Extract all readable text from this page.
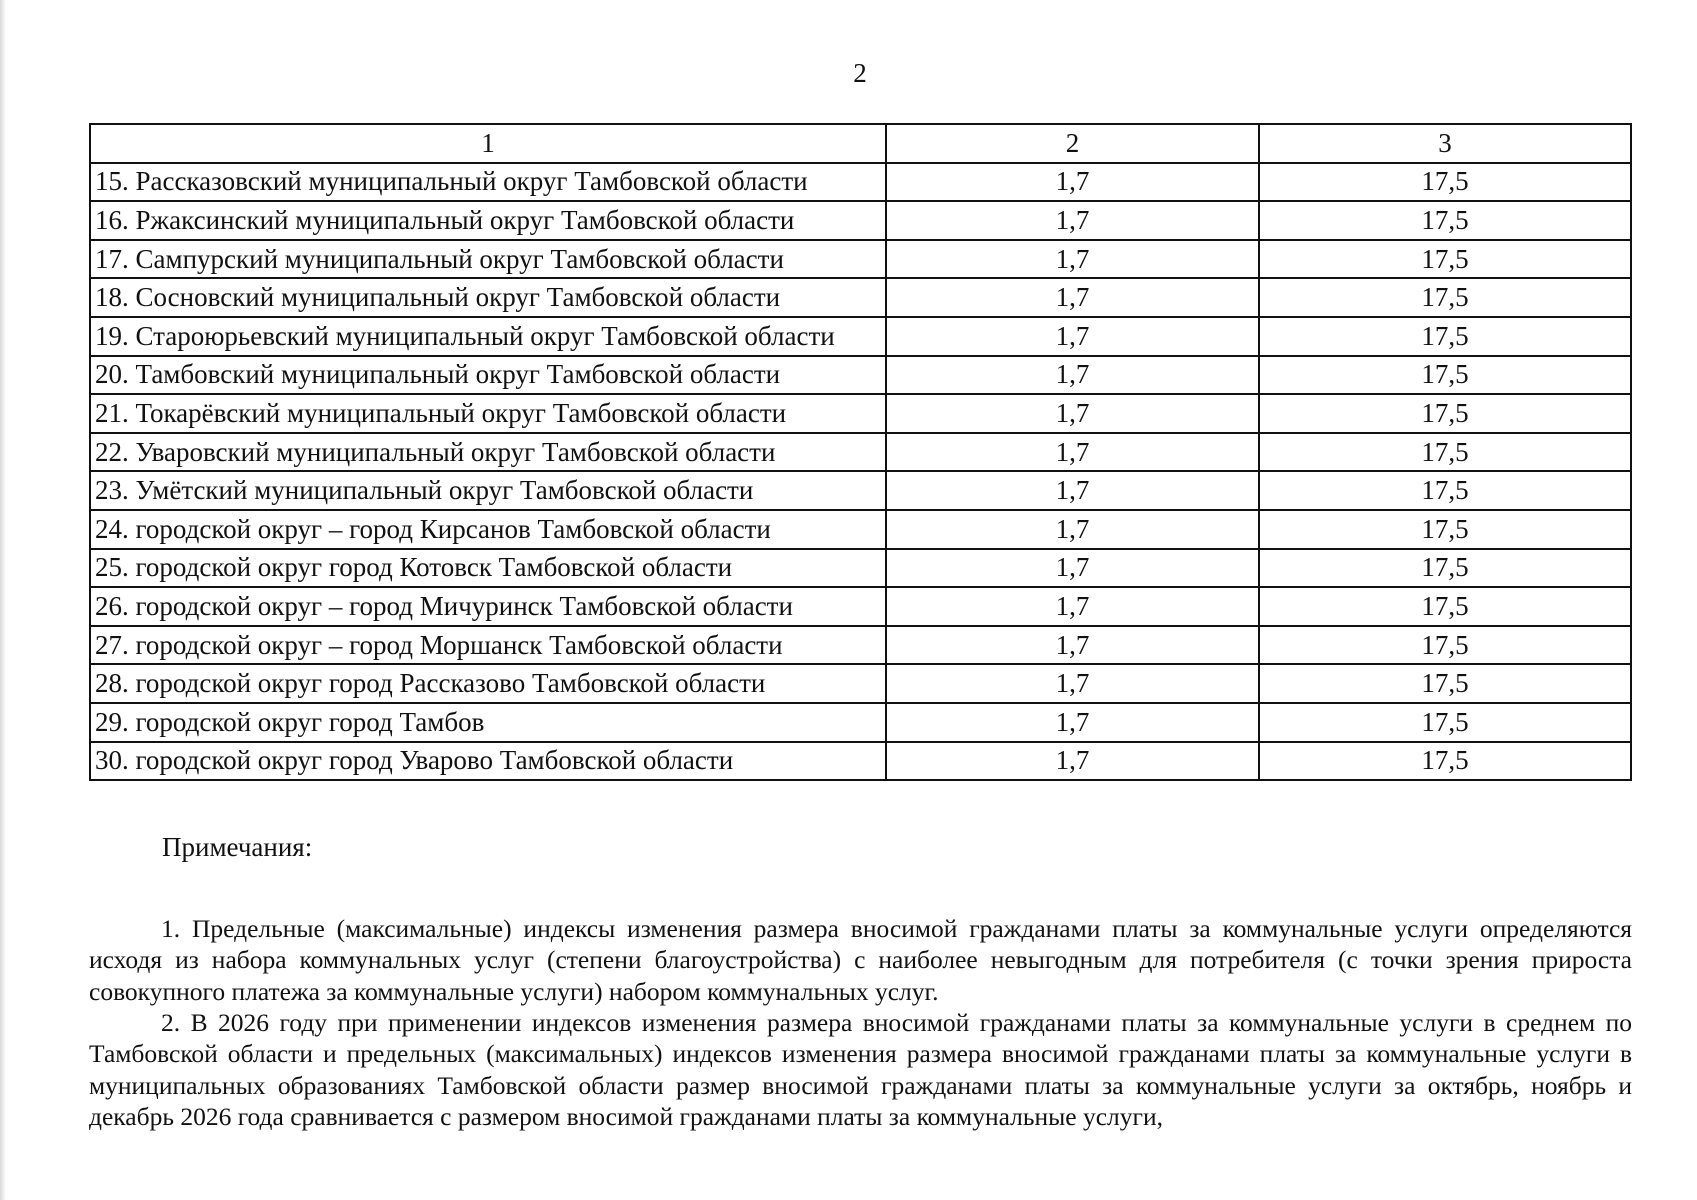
2
1	2	3
15. Рассказовский муниципальный округ Тамбовской области	1,7	17,5
16. Ржаксинский муниципальный округ Тамбовской области	1,7	17,5
17. Сампурский муниципальный округ Тамбовской области	1,7	17,5
18. Сосновский муниципальный округ Тамбовской области	1,7	17,5
19. Староюрьевский муниципальный округ Тамбовской области	1,7	17,5
20. Тамбовский муниципальный округ Тамбовской области	1,7	17,5
21. Токарёвский муниципальный округ Тамбовской области	1,7	17,5
22. Уваровский муниципальный округ Тамбовской области	1,7	17,5
23. Умётский муниципальный округ Тамбовской области	1,7	17,5
24. городской округ – город Кирсанов Тамбовской области	1,7	17,5
25. городской округ город Котовск Тамбовской области	1,7	17,5
26. городской округ – город Мичуринск Тамбовской области	1,7	17,5
27. городской округ – город Моршанск Тамбовской области	1,7	17,5
28. городской округ город Рассказово Тамбовской области	1,7	17,5
29. городской округ город Тамбов	1,7	17,5
30. городской округ город Уварово Тамбовской области	1,7	17,5
Примечания:

1. Предельные (максимальные) индексы изменения размера вносимой гражданами платы за коммунальные услуги определяются исходя из набора коммунальных услуг (степени благоустройства) с наиболее невыгодным для потребителя (с точки зрения прироста совокупного платежа за коммунальные услуги) набором коммунальных услуг.

2. В 2026 году при применении индексов изменения размера вносимой гражданами платы за коммунальные услуги в среднем по Тамбовской области и предельных (максимальных) индексов изменения размера вносимой гражданами платы за коммунальные услуги в муниципальных образованиях Тамбовской области размер вносимой гражданами платы за коммунальные услуги за октябрь, ноябрь и декабрь 2026 года сравнивается с размером вносимой гражданами платы за коммунальные услуги,
